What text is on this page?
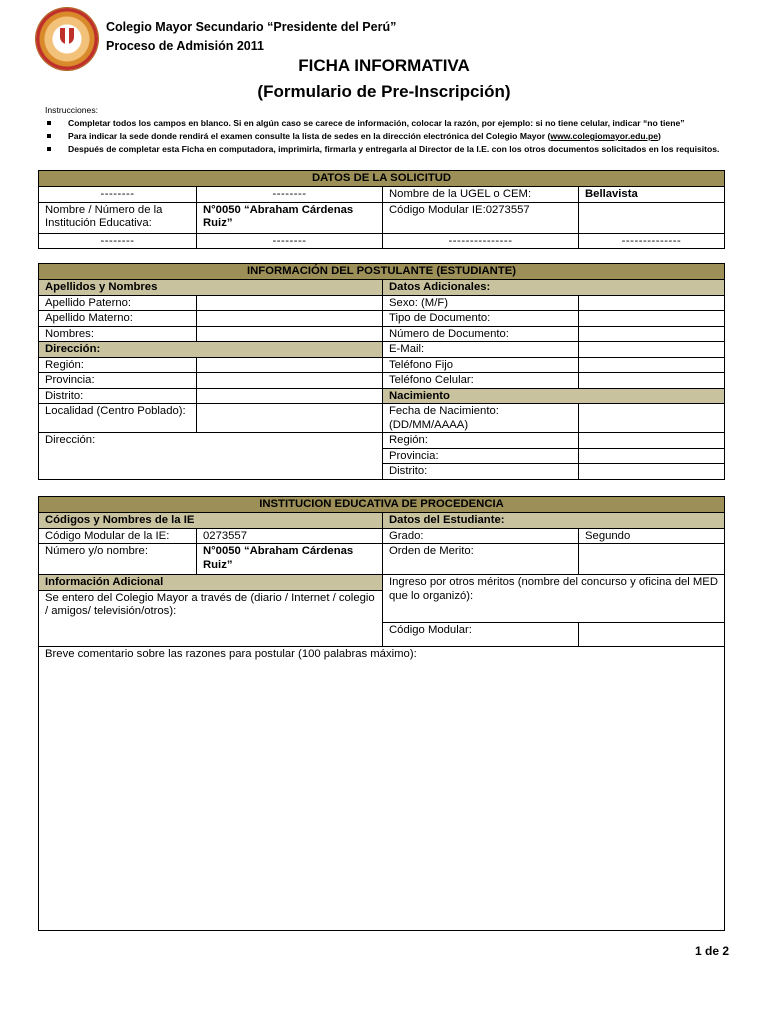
Colegio Mayor Secundario “Presidente del Perú”
Proceso de Admisión 2011
FICHA INFORMATIVA
(Formulario de Pre-Inscripción)
Instrucciones:
Completar todos los campos en blanco. Si en algún caso se carece de información, colocar la razón, por ejemplo: si no tiene celular, indicar “no tiene”
Para indicar la sede donde rendirá el examen consulte la lista de sedes en la dirección electrónica del Colegio Mayor (www.colegiomayor.edu.pe)
Después de completar esta Ficha en computadora, imprimirla, firmarla y entregarla al Director de la I.E. con los otros documentos solicitados en los requisitos.
DATOS DE LA SOLICITUD			
--------	--------	Nombre de la UGEL o CEM:	Bellavista
Nombre / Número de la Institución Educativa:	N°0050 “Abraham Cárdenas Ruiz”	Código Modular IE:0273557	
--------	--------	---------------	--------------
INFORMACIÓN DEL POSTULANTE (ESTUDIANTE)			
Apellidos y Nombres		Datos Adicionales:	
Apellido Paterno:		Sexo: (M/F)	
Apellido Materno:		Tipo de Documento:	
Nombres:		Número de Documento:	
Dirección:		E-Mail:	
Región:		Teléfono Fijo	
Provincia:		Teléfono Celular:	
Distrito:		Nacimiento	
Localidad (Centro Poblado):		Fecha de Nacimiento: (DD/MM/AAAA)	
Dirección:		Región:	
		Provincia:	
		Distrito:	
INSTITUCION EDUCATIVA DE PROCEDENCIA			
Códigos y Nombres de la IE		Datos del Estudiante:	
Código Modular de la IE:	0273557	Grado:	Segundo
Número y/o nombre:	N°0050 “Abraham Cárdenas Ruiz”	Orden de Merito:	
Información Adicional		Ingreso por otros méritos (nombre del concurso y oficina del MED que lo organizó):	
Se entero del Colegio Mayor a través de (diario / Internet / colegio / amigos/ televisión/otros):			
		Código Modular:	
Breve comentario sobre las razones para postular (100 palabras máximo):			
1 de 2
